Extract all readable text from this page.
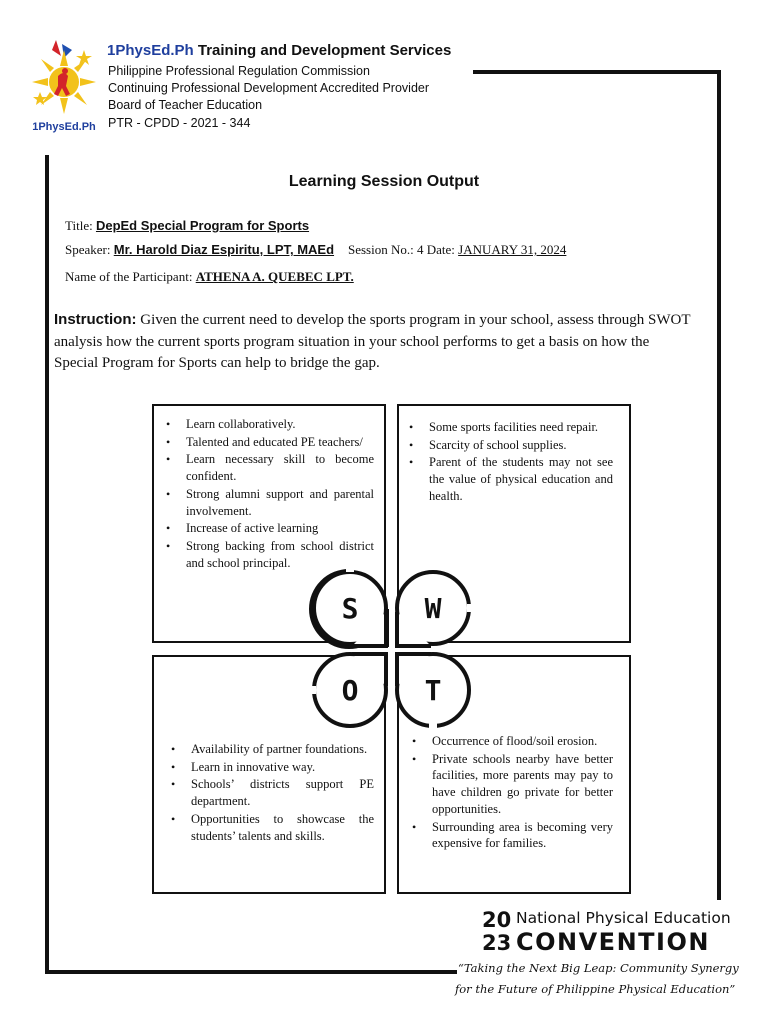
1PhysEd.Ph
1PhysEd.Ph Training and Development Services
Philippine Professional Regulation Commission
Continuing Professional Development Accredited Provider
Board of Teacher Education
PTR - CPDD - 2021 - 344
Learning Session Output
Title: DepEd Special Program for Sports
Speaker: Mr. Harold Diaz Espiritu, LPT, MAEd Session No.: 4 Date: JANUARY 31, 2024
Name of the Participant: ATHENA A. QUEBEC LPT.
Instruction: Given the current need to develop the sports program in your school, assess through SWOT analysis how the current sports program situation in your school performs to get a basis on how the Special Program for Sports can help to bridge the gap.
• Learn collaboratively.
• Talented and educated PE teachers/
• Learn necessary skill to become confident.
• Strong alumni support and parental involvement.
• Increase of active learning
• Strong backing from school district and school principal.
• Some sports facilities need repair.
• Scarcity of school supplies.
• Parent of the students may not see the value of physical education and health.
• Availability of partner foundations.
• Learn in innovative way.
• Schools’ districts support PE department.
• Opportunities to showcase the students’ talents and skills.
• Occurrence of flood/soil erosion.
• Private schools nearby have better facilities, more parents may pay to have children go private for better opportunities.
• Surrounding area is becoming very expensive for families.
S W
O T
20
23
National Physical Education
CONVENTION
“Taking the Next Big Leap: Community Synergy
for the Future of Philippine Physical Education”
